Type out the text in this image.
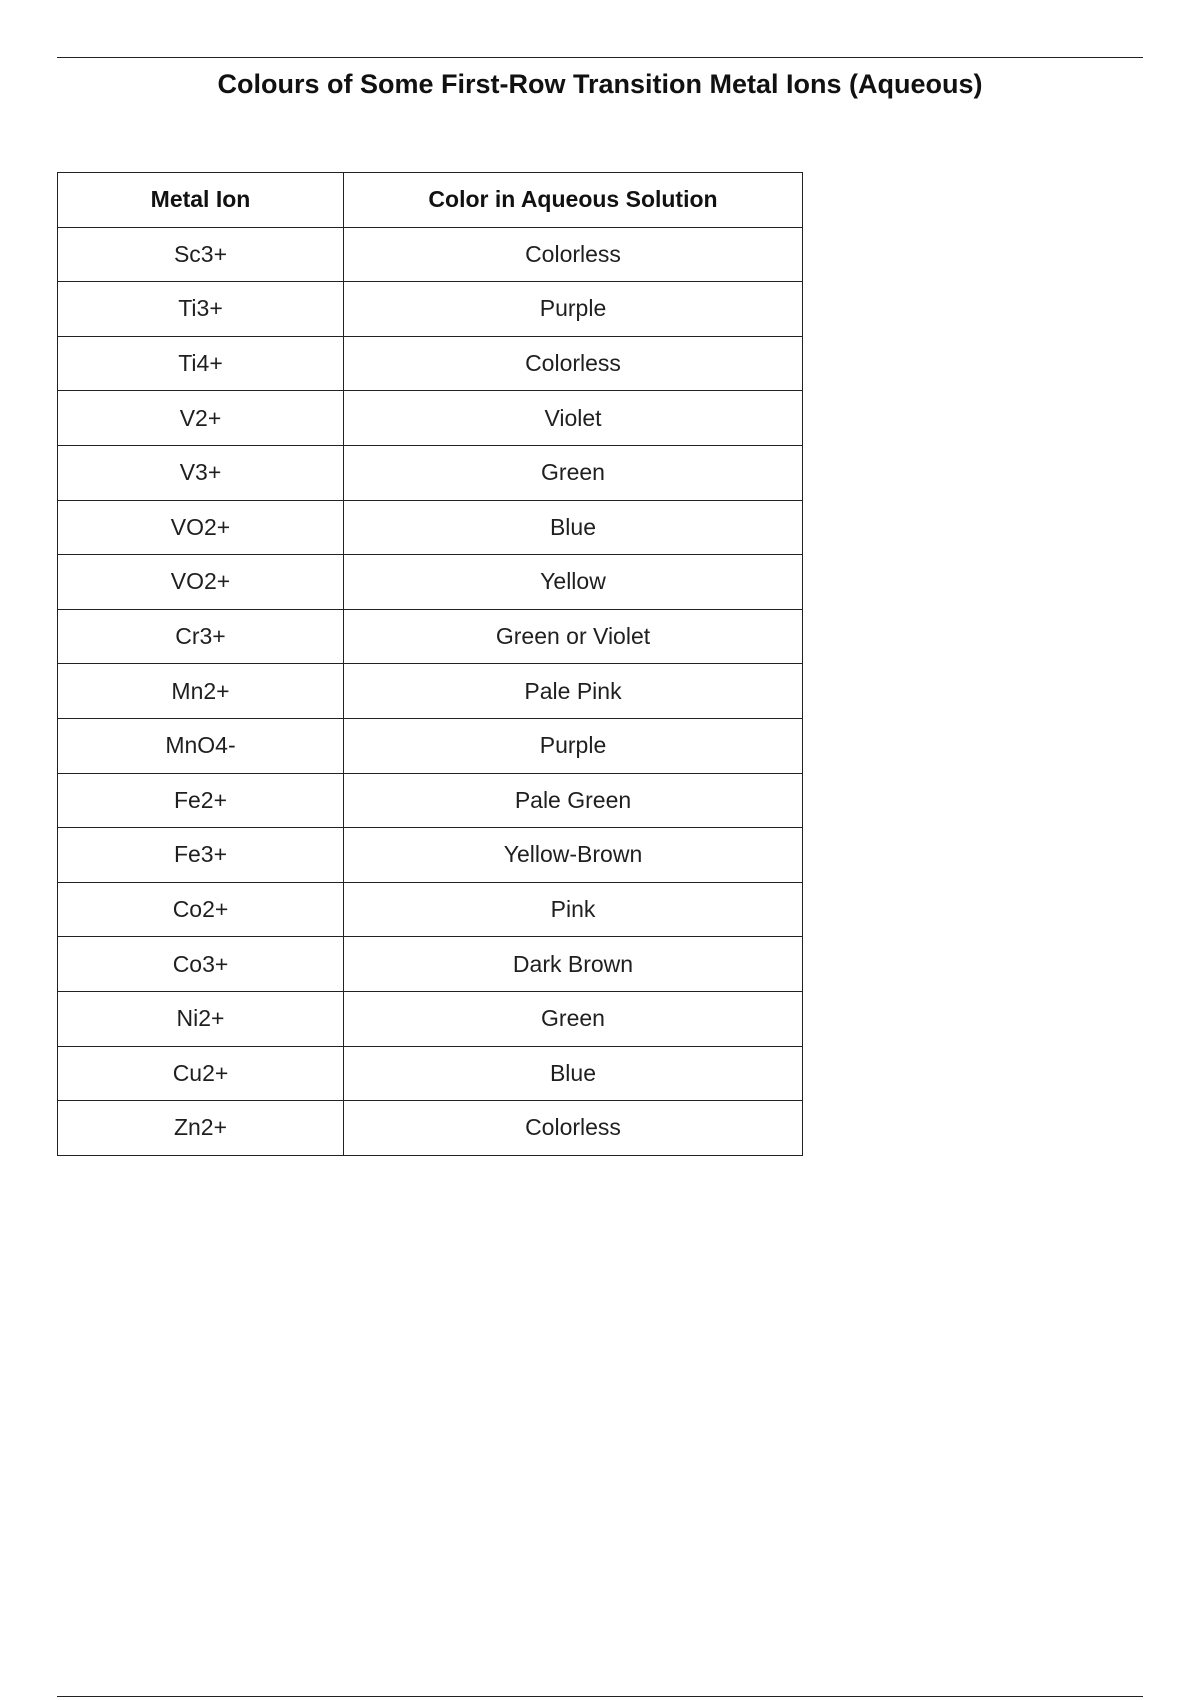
Colours of Some First-Row Transition Metal Ions (Aqueous)
Metal Ion	Color in Aqueous Solution
Sc3+	Colorless
Ti3+	Purple
Ti4+	Colorless
V2+	Violet
V3+	Green
VO2+	Blue
VO2+	Yellow
Cr3+	Green or Violet
Mn2+	Pale Pink
MnO4-	Purple
Fe2+	Pale Green
Fe3+	Yellow-Brown
Co2+	Pink
Co3+	Dark Brown
Ni2+	Green
Cu2+	Blue
Zn2+	Colorless
